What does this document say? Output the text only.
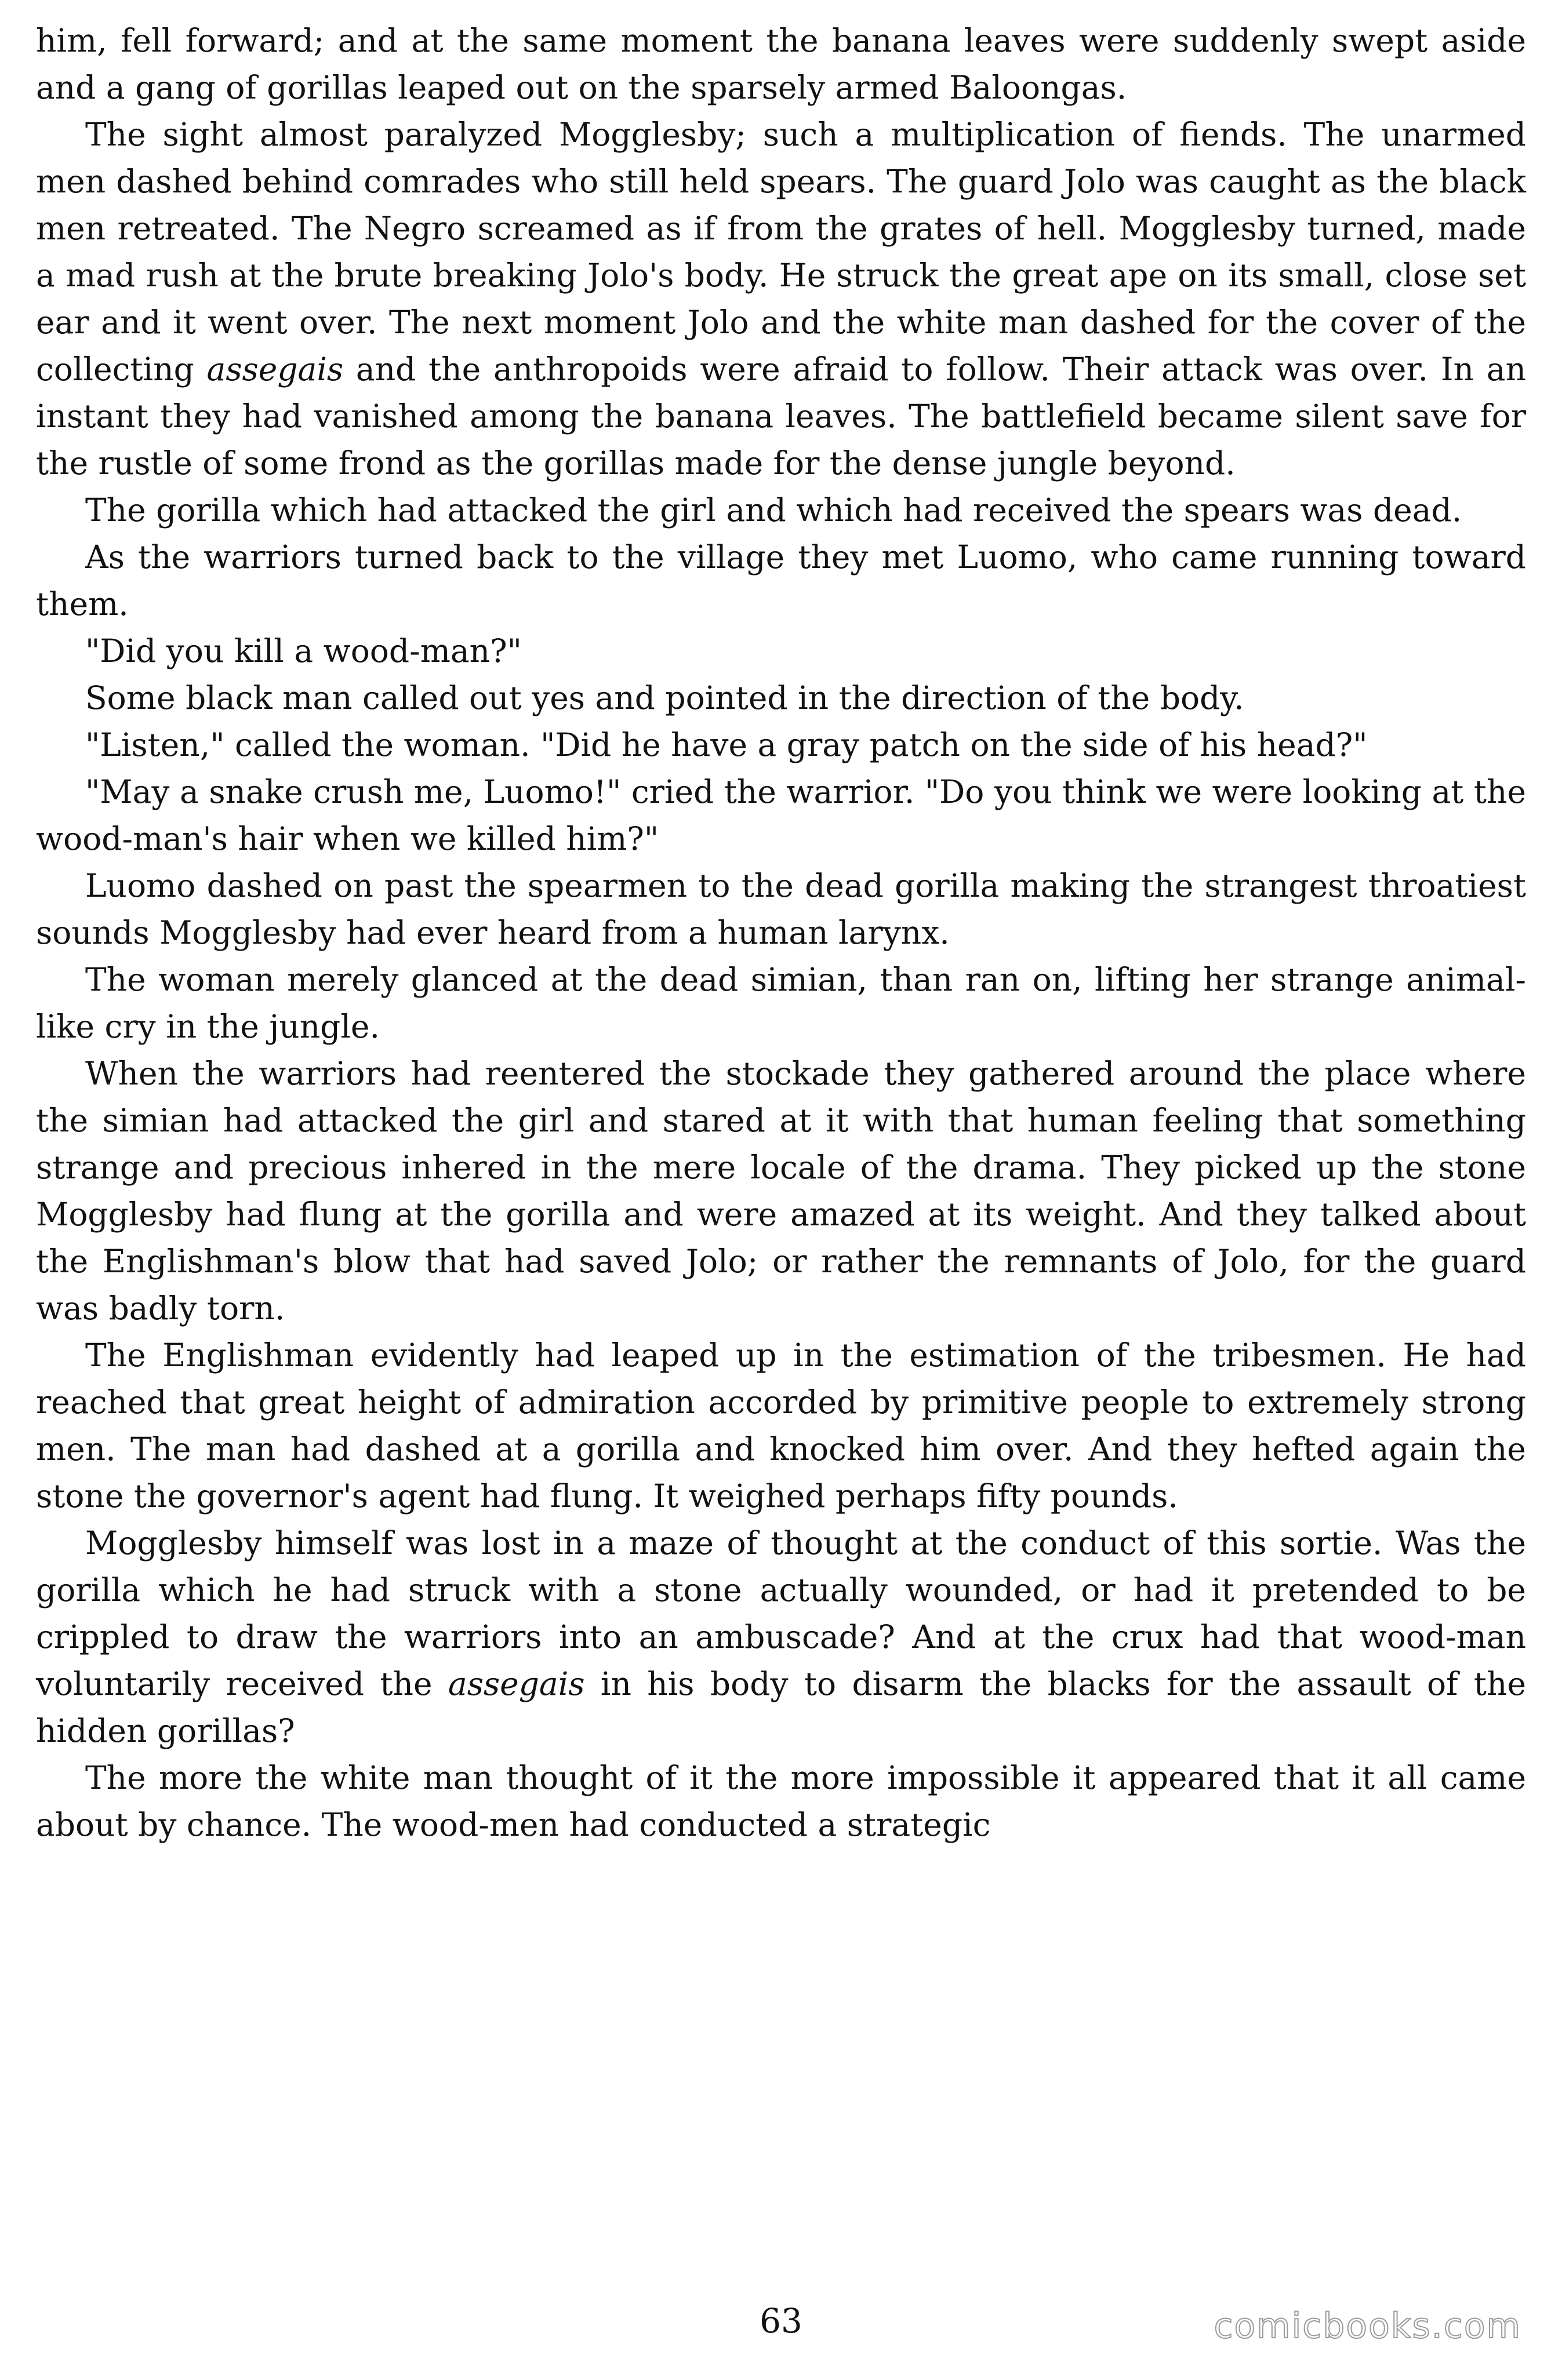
him, fell forward; and at the same moment the banana leaves were suddenly swept aside and a gang of gorillas leaped out on the sparsely armed Baloongas.

The sight almost paralyzed Mogglesby; such a multiplication of fiends. The unarmed men dashed behind comrades who still held spears. The guard Jolo was caught as the black men retreated. The Negro screamed as if from the grates of hell. Mogglesby turned, made a mad rush at the brute breaking Jolo's body. He struck the great ape on its small, close set ear and it went over. The next moment Jolo and the white man dashed for the cover of the collecting assegais and the anthropoids were afraid to follow. Their attack was over. In an instant they had vanished among the banana leaves. The battlefield became silent save for the rustle of some frond as the gorillas made for the dense jungle beyond.

The gorilla which had attacked the girl and which had received the spears was dead.

As the warriors turned back to the village they met Luomo, who came running toward them.

"Did you kill a wood-man?"

Some black man called out yes and pointed in the direction of the body.

"Listen," called the woman. "Did he have a gray patch on the side of his head?"

"May a snake crush me, Luomo!" cried the warrior. "Do you think we were looking at the wood-man's hair when we killed him?"

Luomo dashed on past the spearmen to the dead gorilla making the strangest throatiest sounds Mogglesby had ever heard from a human larynx.

The woman merely glanced at the dead simian, than ran on, lifting her strange animal-like cry in the jungle.

When the warriors had reentered the stockade they gathered around the place where the simian had attacked the girl and stared at it with that human feeling that something strange and precious inhered in the mere locale of the drama. They picked up the stone Mogglesby had flung at the gorilla and were amazed at its weight. And they talked about the Englishman's blow that had saved Jolo; or rather the remnants of Jolo, for the guard was badly torn.

The Englishman evidently had leaped up in the estimation of the tribesmen. He had reached that great height of admiration accorded by primitive people to extremely strong men. The man had dashed at a gorilla and knocked him over. And they hefted again the stone the governor's agent had flung. It weighed perhaps fifty pounds.

Mogglesby himself was lost in a maze of thought at the conduct of this sortie. Was the gorilla which he had struck with a stone actually wounded, or had it pretended to be crippled to draw the warriors into an ambuscade? And at the crux had that wood-man voluntarily received the assegais in his body to disarm the blacks for the assault of the hidden gorillas?

The more the white man thought of it the more impossible it appeared that it all came about by chance. The wood-men had conducted a strategic

63	comicbooks.com
